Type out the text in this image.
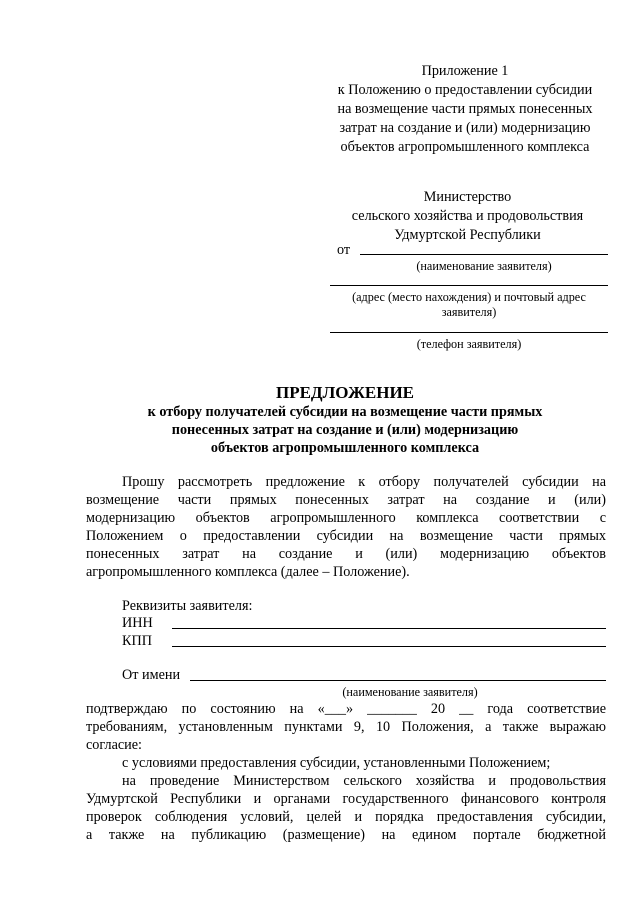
Приложение 1
к Положению о предоставлении субсидии
на возмещение части прямых понесенных
затрат на создание и (или) модернизацию
объектов агропромышленного комплекса
Министерство
сельского хозяйства и продовольствия
Удмуртской Республики
от
(наименование заявителя)
(адрес (место нахождения) и почтовый адрес
заявителя)
(телефон заявителя)
ПРЕДЛОЖЕНИЕ
к отбору получателей субсидии на возмещение части прямых
понесенных затрат на создание и (или) модернизацию
объектов агропромышленного комплекса
Прошу рассмотреть предложение к отбору получателей субсидии на
возмещение части прямых понесенных затрат на создание и (или)
модернизацию объектов агропромышленного комплекса соответствии с
Положением о предоставлении субсидии на возмещение части прямых
понесенных затрат на создание и (или) модернизацию объектов
агропромышленного комплекса (далее – Положение).
Реквизиты заявителя:
ИНН
КПП
От имени
(наименование заявителя)
подтверждаю по состоянию на «___» _______ 20 __ года соответствие
требованиям, установленным пунктами 9, 10 Положения, а также выражаю
согласие:
с условиями предоставления субсидии, установленными Положением;
на проведение Министерством сельского хозяйства и продовольствия
Удмуртской Республики и органами государственного финансового контроля
проверок соблюдения условий, целей и порядка предоставления субсидии,
а также на публикацию (размещение) на едином портале бюджетной
